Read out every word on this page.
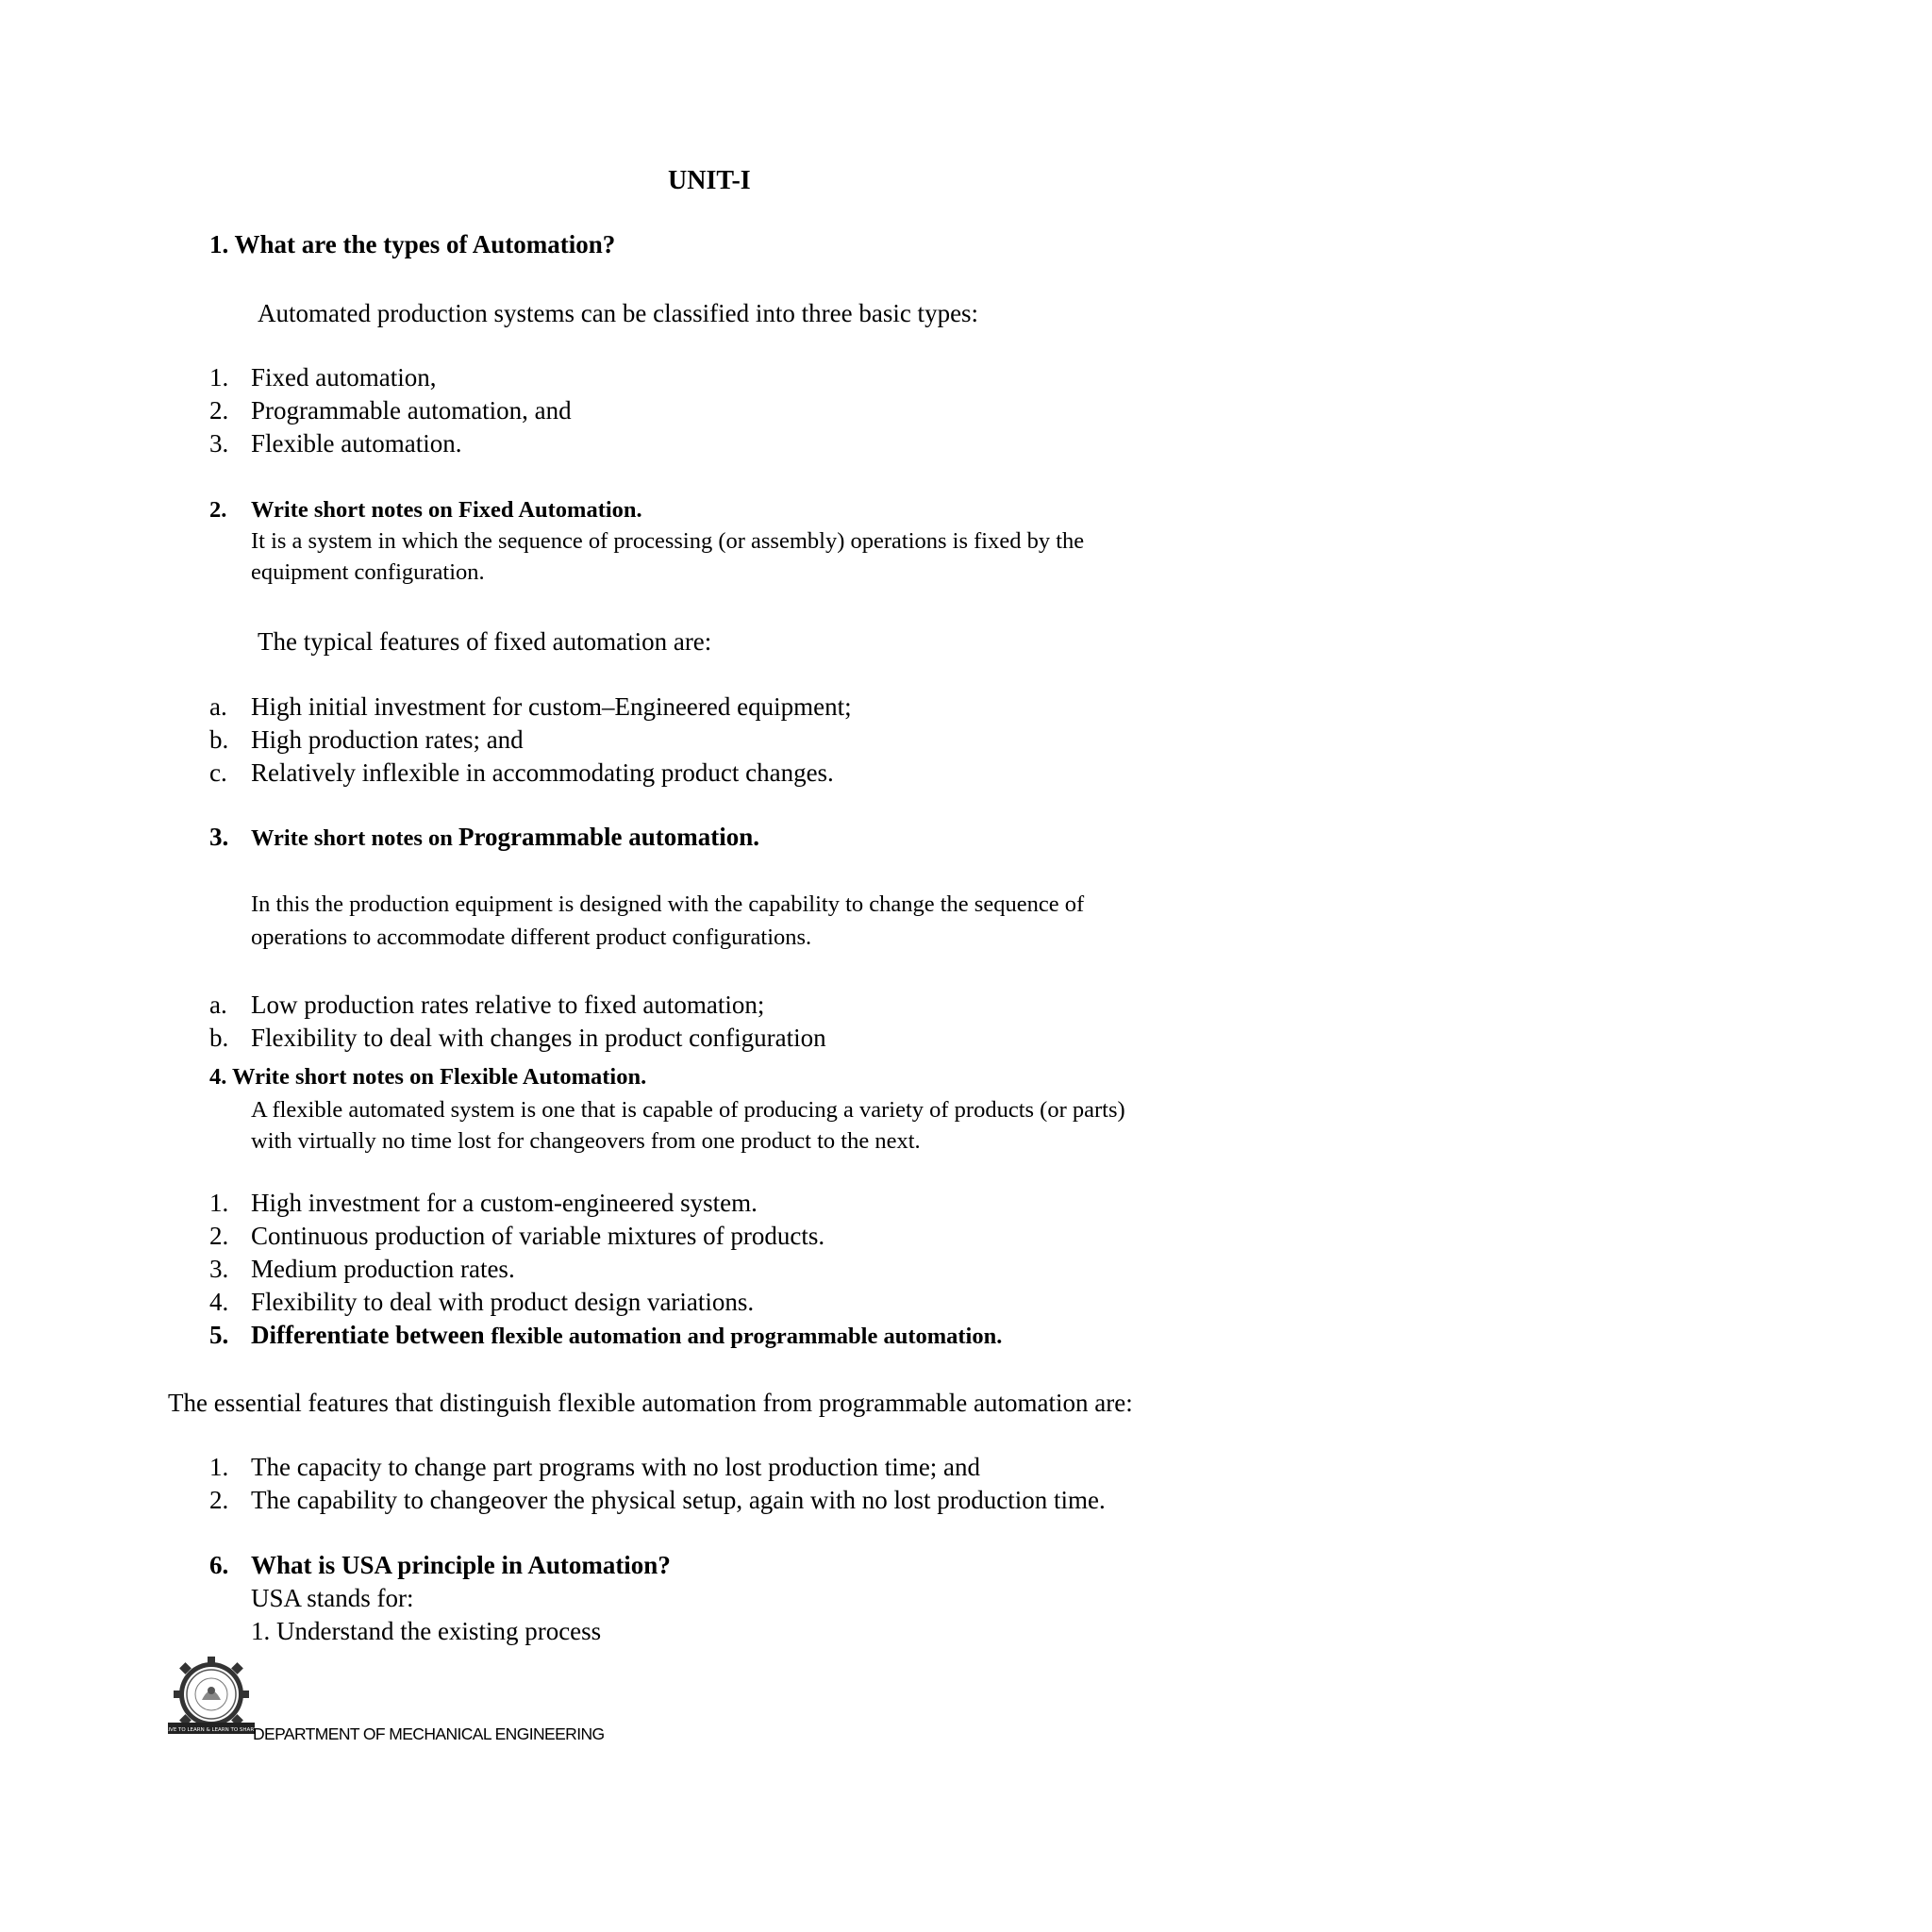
UNIT-I
1. What are the types of Automation?
Automated production systems can be classified into three basic types:
1. Fixed automation,
2. Programmable automation, and
3. Flexible automation.
2. Write short notes on Fixed Automation.
It is a system in which the sequence of processing (or assembly) operations is fixed by the
equipment configuration.
The typical features of fixed automation are:
a. High initial investment for custom–Engineered equipment;
b. High production rates; and
c. Relatively inflexible in accommodating product changes.
3. Write short notes on Programmable automation.
In this the production equipment is designed with the capability to change the sequence of
operations to accommodate different product configurations.
a. Low production rates relative to fixed automation;
b. Flexibility to deal with changes in product configuration
4. Write short notes on Flexible Automation.
A flexible automated system is one that is capable of producing a variety of products (or parts)
with virtually no time lost for changeovers from one product to the next.
1. High investment for a custom-engineered system.
2. Continuous production of variable mixtures of products.
3. Medium production rates.
4. Flexibility to deal with product design variations.
5. Differentiate between flexible automation and programmable automation.
The essential features that distinguish flexible automation from programmable automation are:
1. The capacity to change part programs with no lost production time; and
2. The capability to changeover the physical setup, again with no lost production time.
6. What is USA principle in Automation?
USA stands for:
1. Understand the existing process
LIVE TO LEARN & LEARN TO SHARE
DEPARTMENT OF MECHANICAL ENGINEERING
